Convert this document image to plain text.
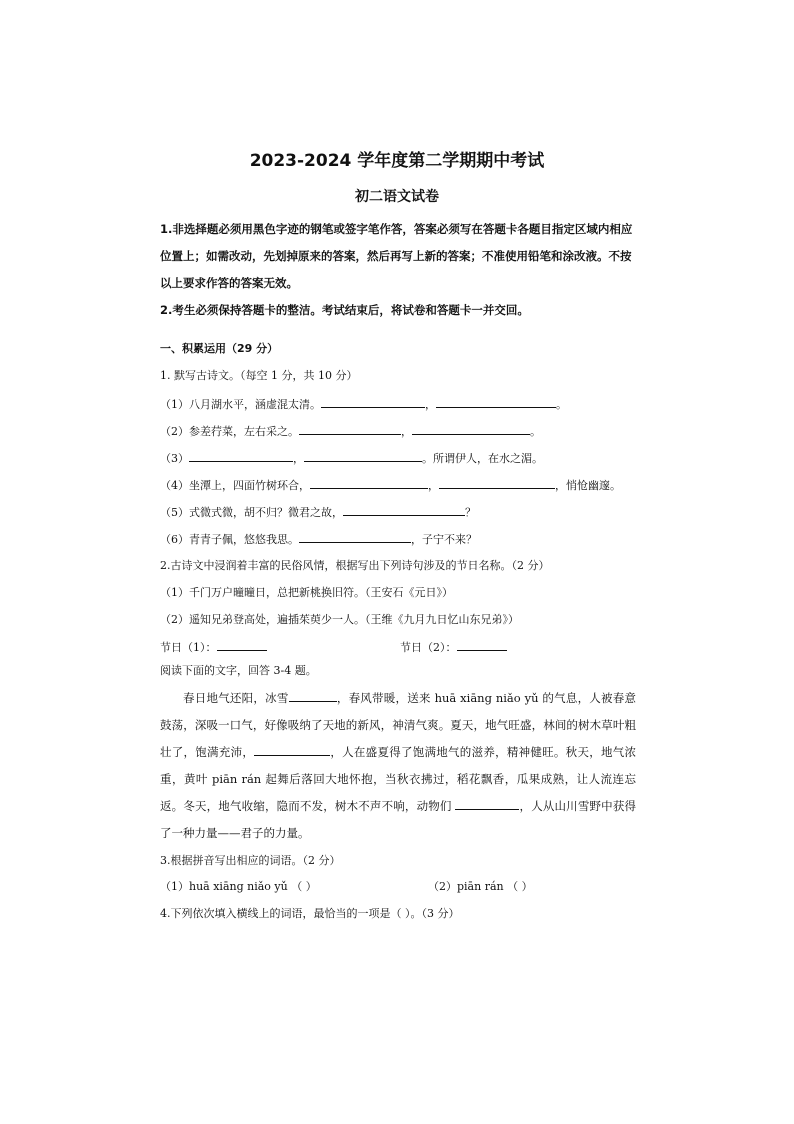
2023-2024 学年度第二学期期中考试
初二语文试卷

1.非选择题必须用黑色字迹的钢笔或签字笔作答，答案必须写在答题卡各题目指定区域内相应位置上；如需改动，先划掉原来的答案，然后再写上新的答案；不准使用铅笔和涂改液。不按以上要求作答的答案无效。

2.考生必须保持答题卡的整洁。考试结束后，将试卷和答题卡一并交回。

一、积累运用（29 分）
1. 默写古诗文。（每空 1 分，共 10 分）
（1）八月湖水平，涵虚混太清。	，	。
（2）参差荇菜，左右采之。	，	。
（3）	，	。所谓伊人，在水之湄。
（4）坐潭上，四面竹树环合，	，	，悄怆幽邃。
（5）式微式微，胡不归？微君之故，	？
（6）青青子佩，悠悠我思。	，子宁不来？
2.古诗文中浸润着丰富的民俗风情，根据写出下列诗句涉及的节日名称。（2 分）
（1）千门万户曈曈日，总把新桃换旧符。（王安石《元日》）
（2）遥知兄弟登高处，遍插茱萸少一人。（王维《九月九日忆山东兄弟》）
节日（1）：	节日（2）：
阅读下面的文字，回答 3-4 题。

春日地气还阳，冰雪	，春风带暖，送来 huā xiāng niǎo yǔ 的气息，人被春意鼓荡，深吸一口气，好像吸纳了天地的新风，神清气爽。夏天，地气旺盛，林间的树木草叶粗壮了，饱满充沛，	，人在盛夏得了饱满地气的滋养，精神健旺。秋天，地气浓重，黄叶 piān rán 起舞后落回大地怀抱，当秋衣拂过，稻花飘香，瓜果成熟，让人流连忘返。冬天，地气收缩，隐而不发，树木不声不响，动物们	，人从山川雪野中获得了一种力量——君子的力量。

3.根据拼音写出相应的词语。（2 分）
（1）huā xiāng niǎo yǔ （ ）	（2）piān rán （ ）
4.下列依次填入横线上的词语，最恰当的一项是（ ）。（3 分）
